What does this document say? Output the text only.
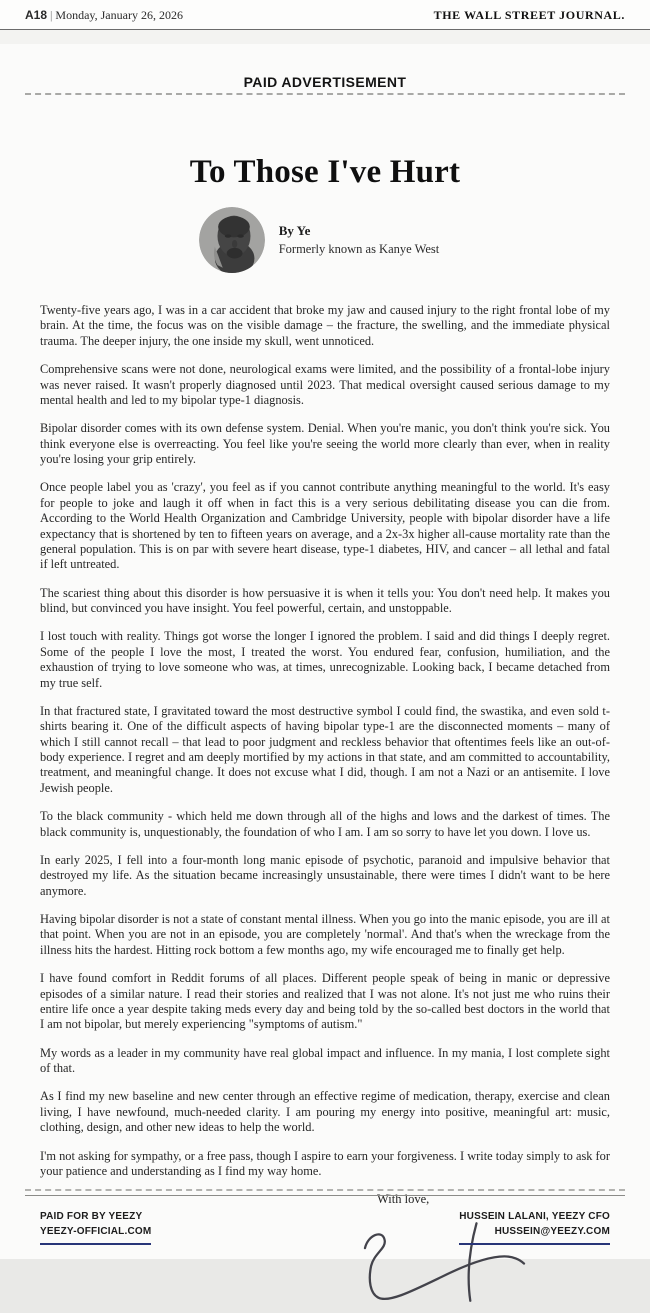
A18 | Monday, January 26, 2026	THE WALL STREET JOURNAL.
PAID ADVERTISEMENT
To Those I've Hurt
By Ye
Formerly known as Kanye West

Twenty-five years ago, I was in a car accident that broke my jaw and caused injury to the right frontal lobe of my brain. At the time, the focus was on the visible damage – the fracture, the swelling, and the immediate physical trauma. The deeper injury, the one inside my skull, went unnoticed.

Comprehensive scans were not done, neurological exams were limited, and the possibility of a frontal-lobe injury was never raised. It wasn't properly diagnosed until 2023. That medical oversight caused serious damage to my mental health and led to my bipolar type-1 diagnosis.

Bipolar disorder comes with its own defense system. Denial. When you're manic, you don't think you're sick. You think everyone else is overreacting. You feel like you're seeing the world more clearly than ever, when in reality you're losing your grip entirely.

Once people label you as 'crazy', you feel as if you cannot contribute anything meaningful to the world. It's easy for people to joke and laugh it off when in fact this is a very serious debilitating disease you can die from. According to the World Health Organization and Cambridge University, people with bipolar disorder have a life expectancy that is shortened by ten to fifteen years on average, and a 2x-3x higher all-cause mortality rate than the general population. This is on par with severe heart disease, type-1 diabetes, HIV, and cancer – all lethal and fatal if left untreated.

The scariest thing about this disorder is how persuasive it is when it tells you: You don't need help. It makes you blind, but convinced you have insight. You feel powerful, certain, and unstoppable.

I lost touch with reality. Things got worse the longer I ignored the problem. I said and did things I deeply regret. Some of the people I love the most, I treated the worst. You endured fear, confusion, humiliation, and the exhaustion of trying to love someone who was, at times, unrecognizable. Looking back, I became detached from my true self.

In that fractured state, I gravitated toward the most destructive symbol I could find, the swastika, and even sold t-shirts bearing it. One of the difficult aspects of having bipolar type-1 are the disconnected moments – many of which I still cannot recall – that lead to poor judgment and reckless behavior that oftentimes feels like an out-of-body experience. I regret and am deeply mortified by my actions in that state, and am committed to accountability, treatment, and meaningful change. It does not excuse what I did, though. I am not a Nazi or an antisemite. I love Jewish people.

To the black community - which held me down through all of the highs and lows and the darkest of times. The black community is, unquestionably, the foundation of who I am. I am so sorry to have let you down. I love us.

In early 2025, I fell into a four-month long manic episode of psychotic, paranoid and impulsive behavior that destroyed my life. As the situation became increasingly unsustainable, there were times I didn't want to be here anymore.

Having bipolar disorder is not a state of constant mental illness. When you go into the manic episode, you are ill at that point. When you are not in an episode, you are completely 'normal'. And that's when the wreckage from the illness hits the hardest. Hitting rock bottom a few months ago, my wife encouraged me to finally get help.

I have found comfort in Reddit forums of all places. Different people speak of being in manic or depressive episodes of a similar nature. I read their stories and realized that I was not alone. It's not just me who ruins their entire life once a year despite taking meds every day and being told by the so-called best doctors in the world that I am not bipolar, but merely experiencing "symptoms of autism."

My words as a leader in my community have real global impact and influence. In my mania, I lost complete sight of that.

As I find my new baseline and new center through an effective regime of medication, therapy, exercise and clean living, I have newfound, much-needed clarity. I am pouring my energy into positive, meaningful art: music, clothing, design, and other new ideas to help the world.

I'm not asking for sympathy, or a free pass, though I aspire to earn your forgiveness. I write today simply to ask for your patience and understanding as I find my way home.

With love,
PAID FOR BY YEEZY
YEEZY-OFFICIAL.COM
HUSSEIN LALANI, YEEZY CFO
HUSSEIN@YEEZY.COM
